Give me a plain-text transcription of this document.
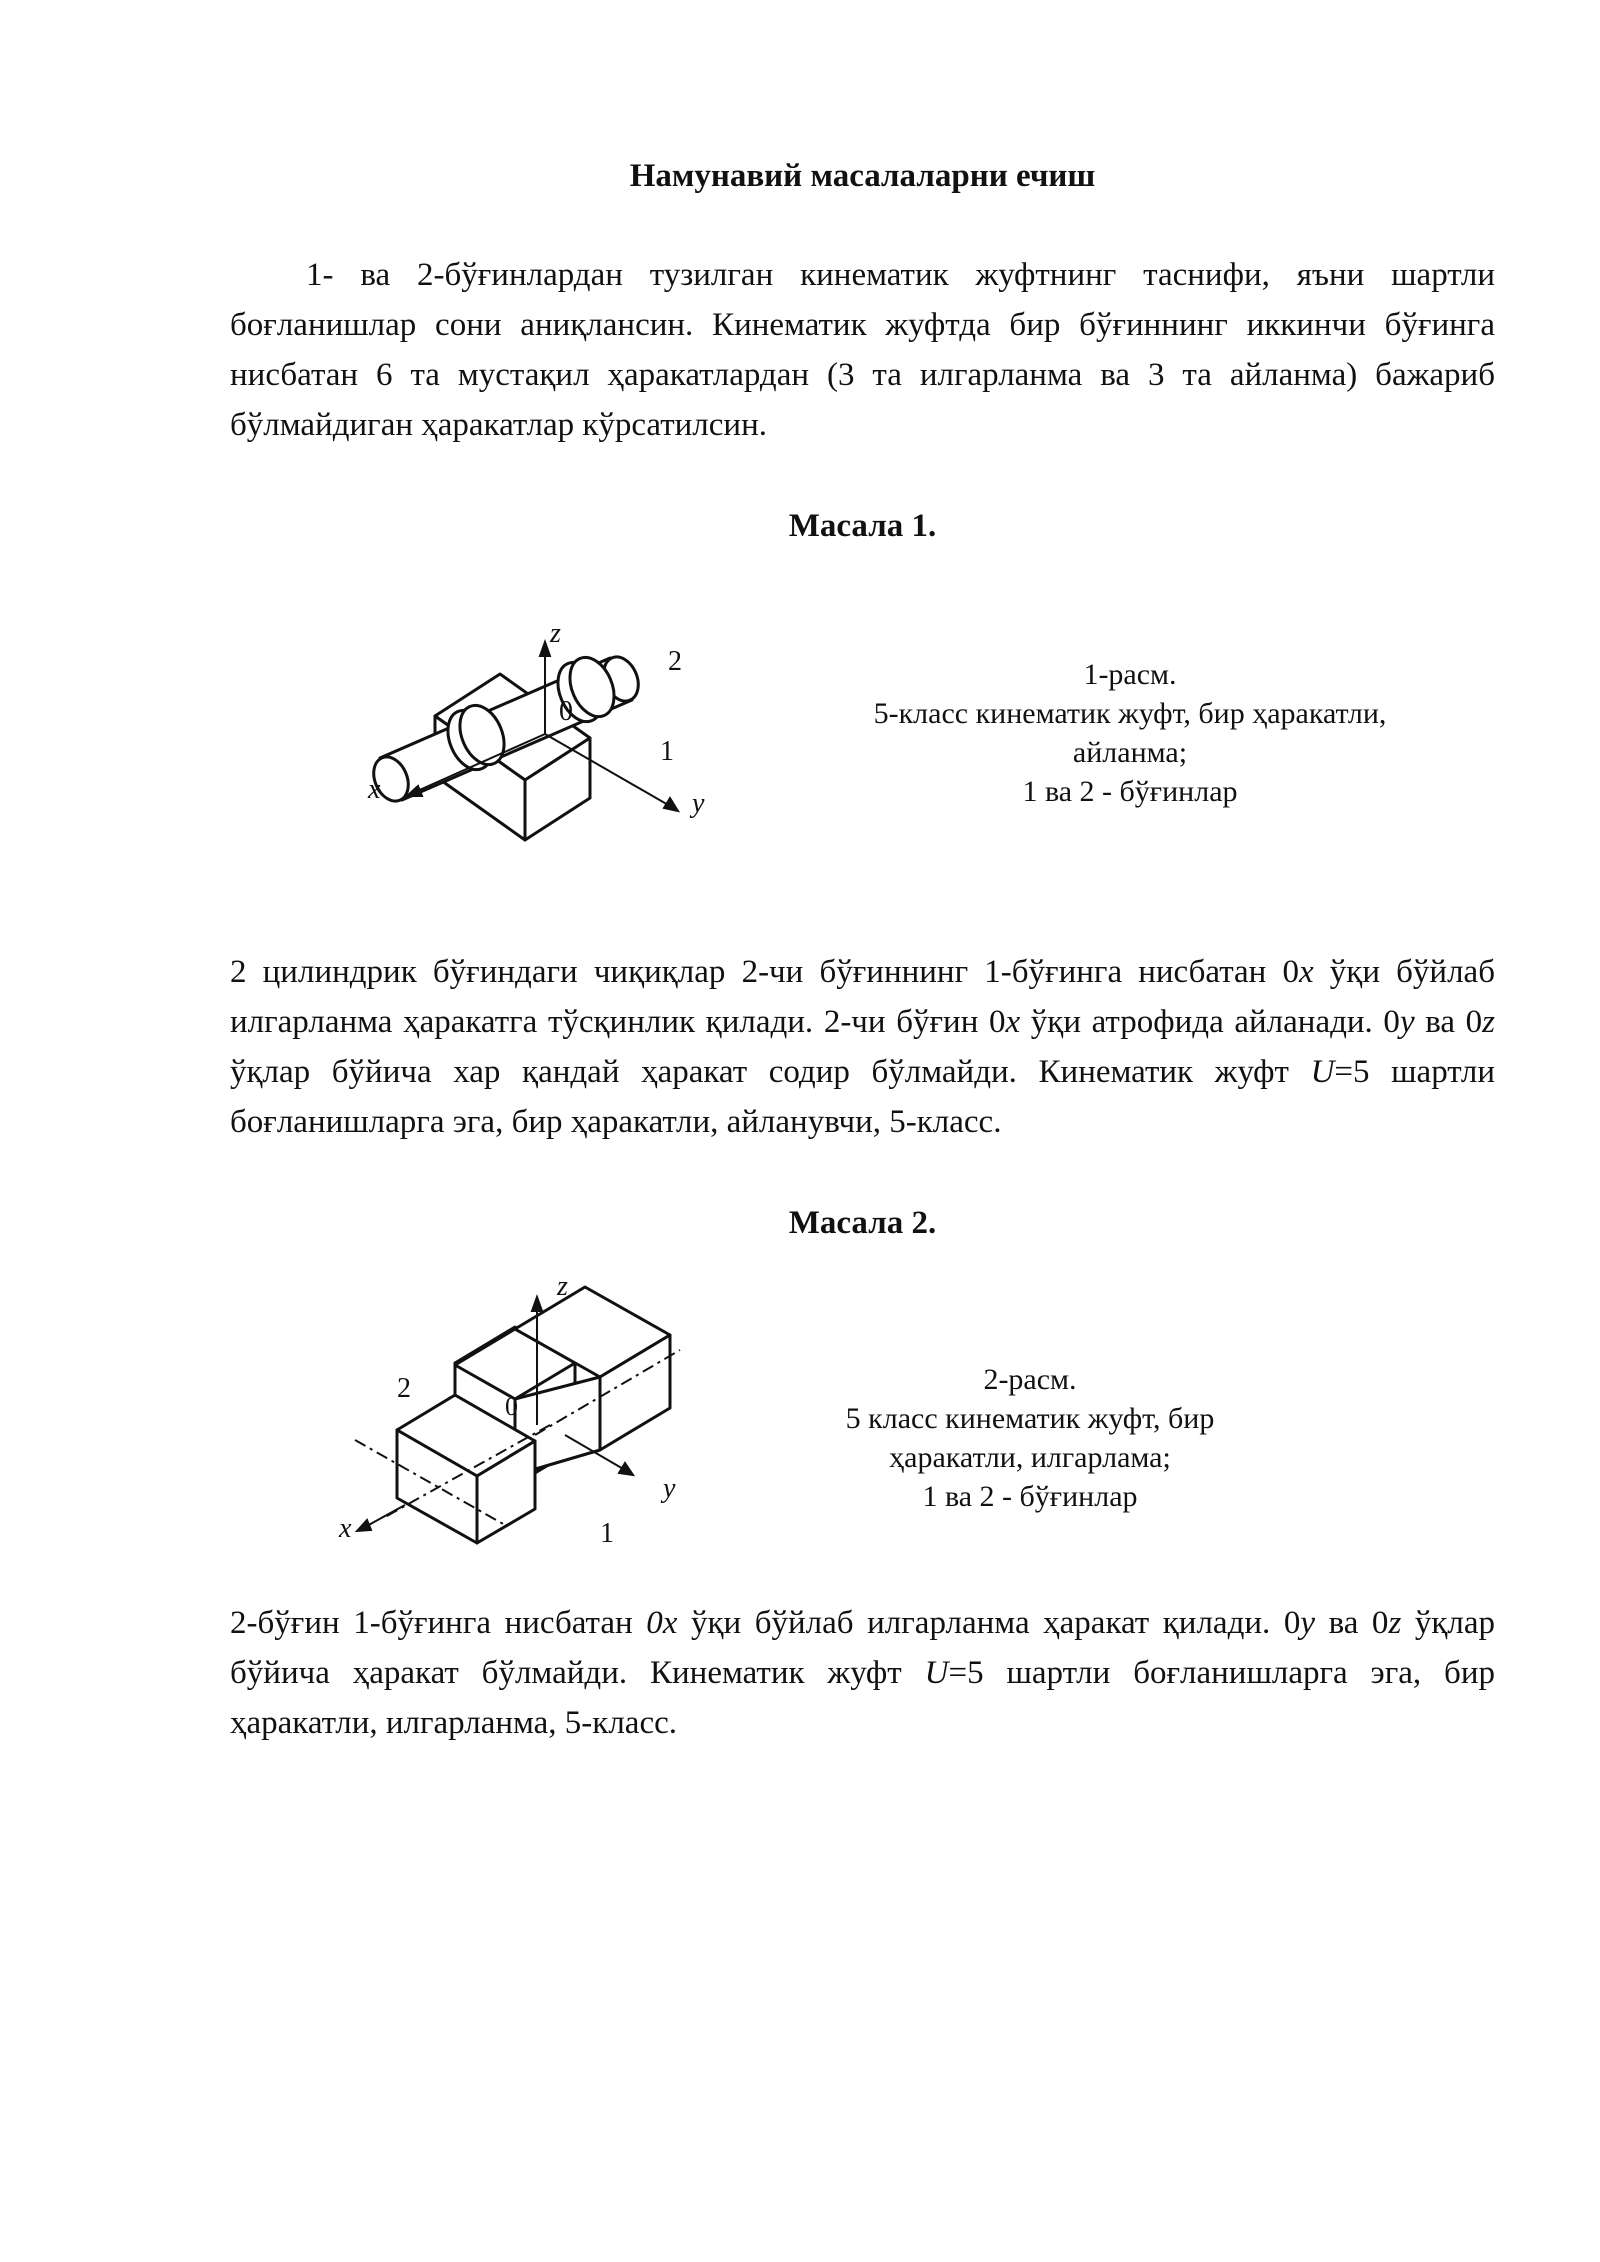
Намунавий масалаларни ечиш

1- ва 2-бўғинлардан тузилган кинематик жуфтнинг таснифи, яъни шартли боғланишлар сони аниқлансин. Кинематик жуфтда бир бўғиннинг иккинчи бўғинга нисбатан 6 та мустақил ҳаракатлардан (3 та илгарланма ва 3 та айланма) бажариб бўлмайдиган ҳаракатлар кўрсатилсин.

Масала 1.
z
x	y
0
2
1
1-расм.
5-класс кинематик жуфт, бир ҳаракатли,
айланма;
1 ва 2 - бўғинлар

2 цилиндрик бўғиндаги чиқиқлар 2-чи бўғиннинг 1-бўғинга нисбатан 0x ўқи бўйлаб илгарланма ҳаракатга тўсқинлик қилади. 2-чи бўғин 0x ўқи атрофида айланади. 0y ва 0z ўқлар бўйича хар қандай ҳаракат содир бўлмайди. Кинематик жуфт U=5 шартли боғланишларга эга, бир ҳаракатли, айланувчи, 5-класс.

Масала 2.
z
x
y
0
2
1
2-расм.
5 класс кинематик жуфт, бир
ҳаракатли, илгарлама;
1 ва 2 - бўғинлар

2-бўғин 1-бўғинга нисбатан 0x ўқи бўйлаб илгарланма ҳаракат қилади. 0y ва 0z ўқлар бўйича ҳаракат бўлмайди. Кинематик жуфт U=5 шартли боғланишларга эга, бир ҳаракатли, илгарланма, 5-класс.
